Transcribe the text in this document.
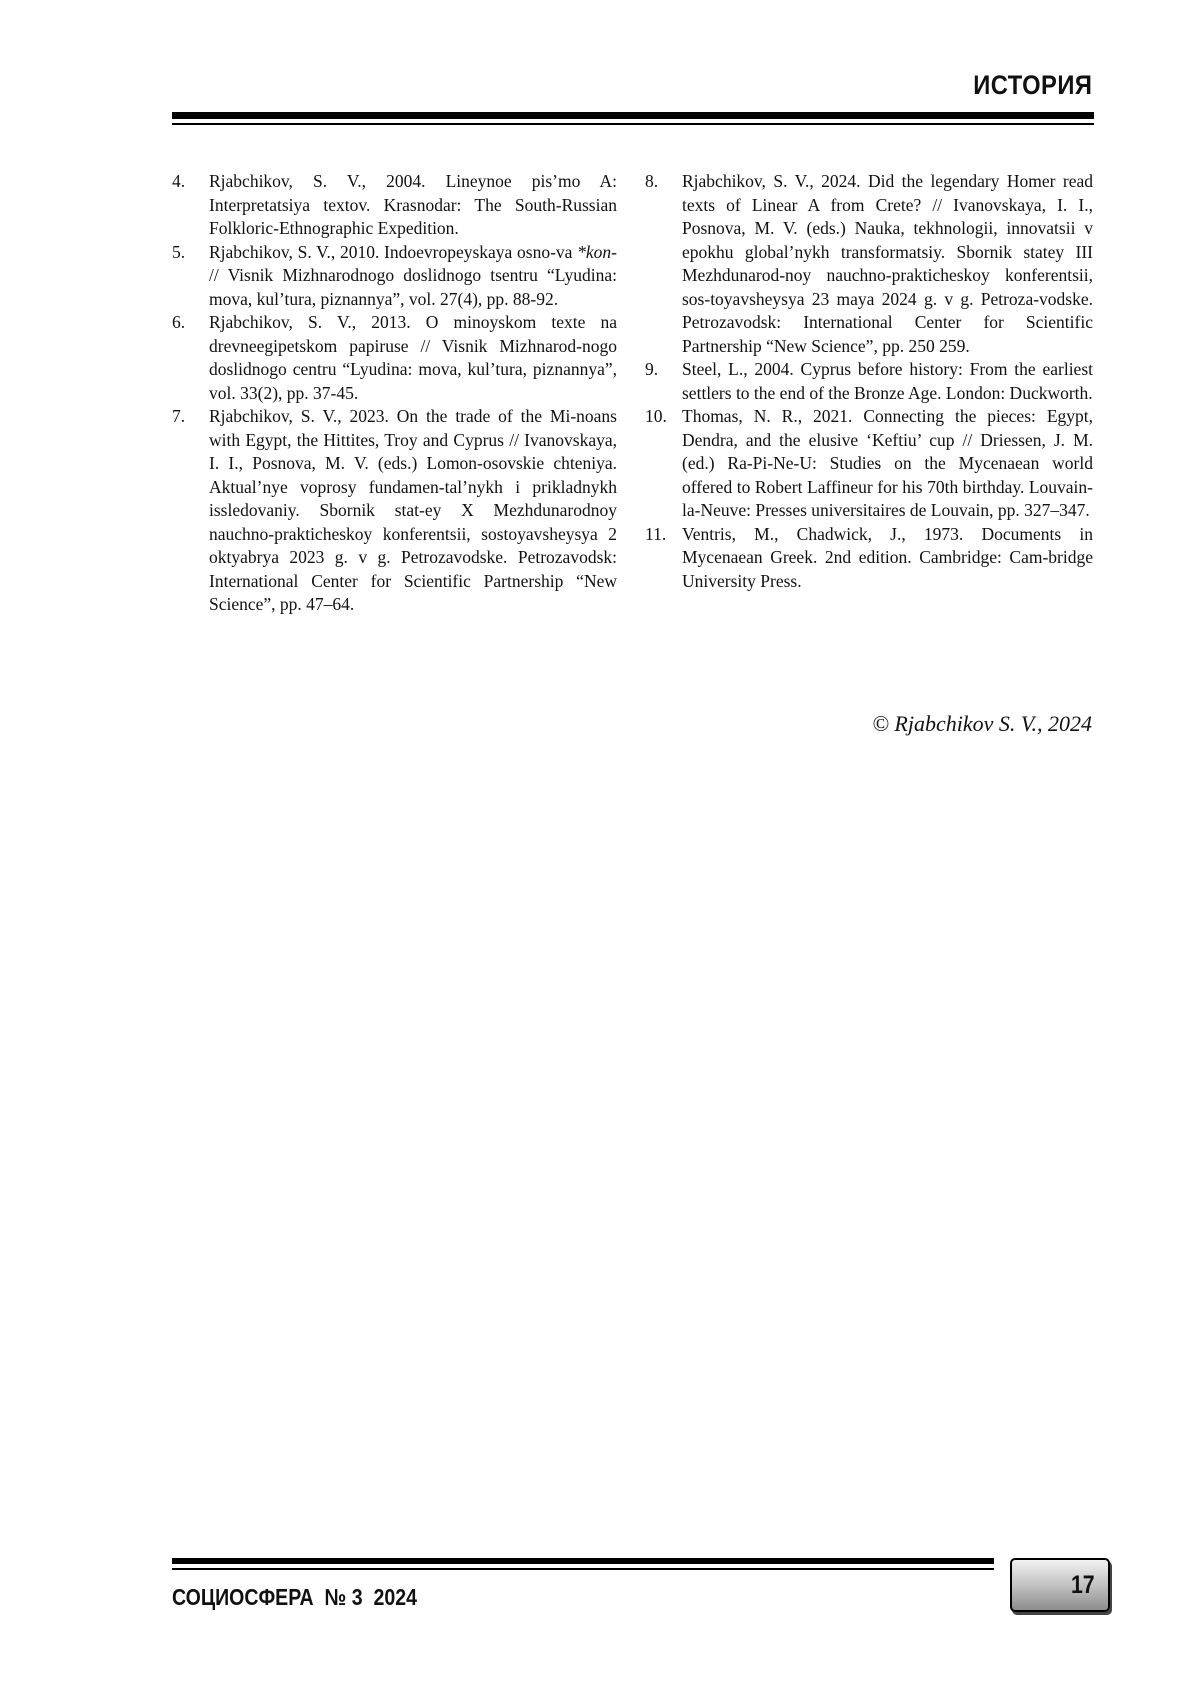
ИСТОРИЯ
4.	Rjabchikov, S. V., 2004. Lineynoe pis’mo A: Interpretatsiya textov. Krasnodar: The South-Russian Folkloric-Ethnographic Expedition.
5.	Rjabchikov, S. V., 2010. Indoevropeyskaya osno-va *kon- // Visnik Mizhnarodnogo doslidnogo tsentru “Lyudina: mova, kul’tura, piznannya”, vol. 27(4), pp. 88-92.
6.	Rjabchikov, S. V., 2013. O minoyskom texte na drevneegipetskom papiruse // Visnik Mizhnarod-nogo doslidnogo centru “Lyudina: mova, kul’tura, piznannya”, vol. 33(2), pp. 37-45.
7.	Rjabchikov, S. V., 2023. On the trade of the Mi-noans with Egypt, the Hittites, Troy and Cyprus // Ivanovskaya, I. I., Posnova, M. V. (eds.) Lomon-osovskie chteniya. Aktual’nye voprosy fundamen-tal’nykh i prikladnykh issledovaniy. Sbornik stat-ey X Mezhdunarodnoy nauchno-prakticheskoy konferentsii, sostoyavsheysya 2 oktyabrya 2023 g. v g. Petrozavodske. Petrozavodsk: International Center for Scientific Partnership “New Science”, pp. 47–64.
8.	Rjabchikov, S. V., 2024. Did the legendary Homer read texts of Linear A from Crete? // Ivanovskaya, I. I., Posnova, M. V. (eds.) Nauka, tekhnologii, innovatsii v epokhu global’nykh transformatsiy. Sbornik statey III Mezhdunarod-noy nauchno-prakticheskoy konferentsii, sos-toyavsheysya 23 maya 2024 g. v g. Petroza-vodske. Petrozavodsk: International Center for Scientific Partnership “New Science”, pp. 250 259.
9.	Steel, L., 2004. Cyprus before history: From the earliest settlers to the end of the Bronze Age. London: Duckworth.
10. Thomas, N. R., 2021. Connecting the pieces: Egypt, Dendra, and the elusive ‘Keftiu’ cup // Driessen, J. M. (ed.) Ra-Pi-Ne-U: Studies on the Mycenaean world offered to Robert Laffineur for his 70th birthday. Louvain-la-Neuve: Presses universitaires de Louvain, pp. 327–347.
11. Ventris, M., Chadwick, J., 1973. Documents in Mycenaean Greek. 2nd edition. Cambridge: Cam-bridge University Press.
© Rjabchikov S. V., 2024
СОЦИОСФЕРА  № 3  2024	17
